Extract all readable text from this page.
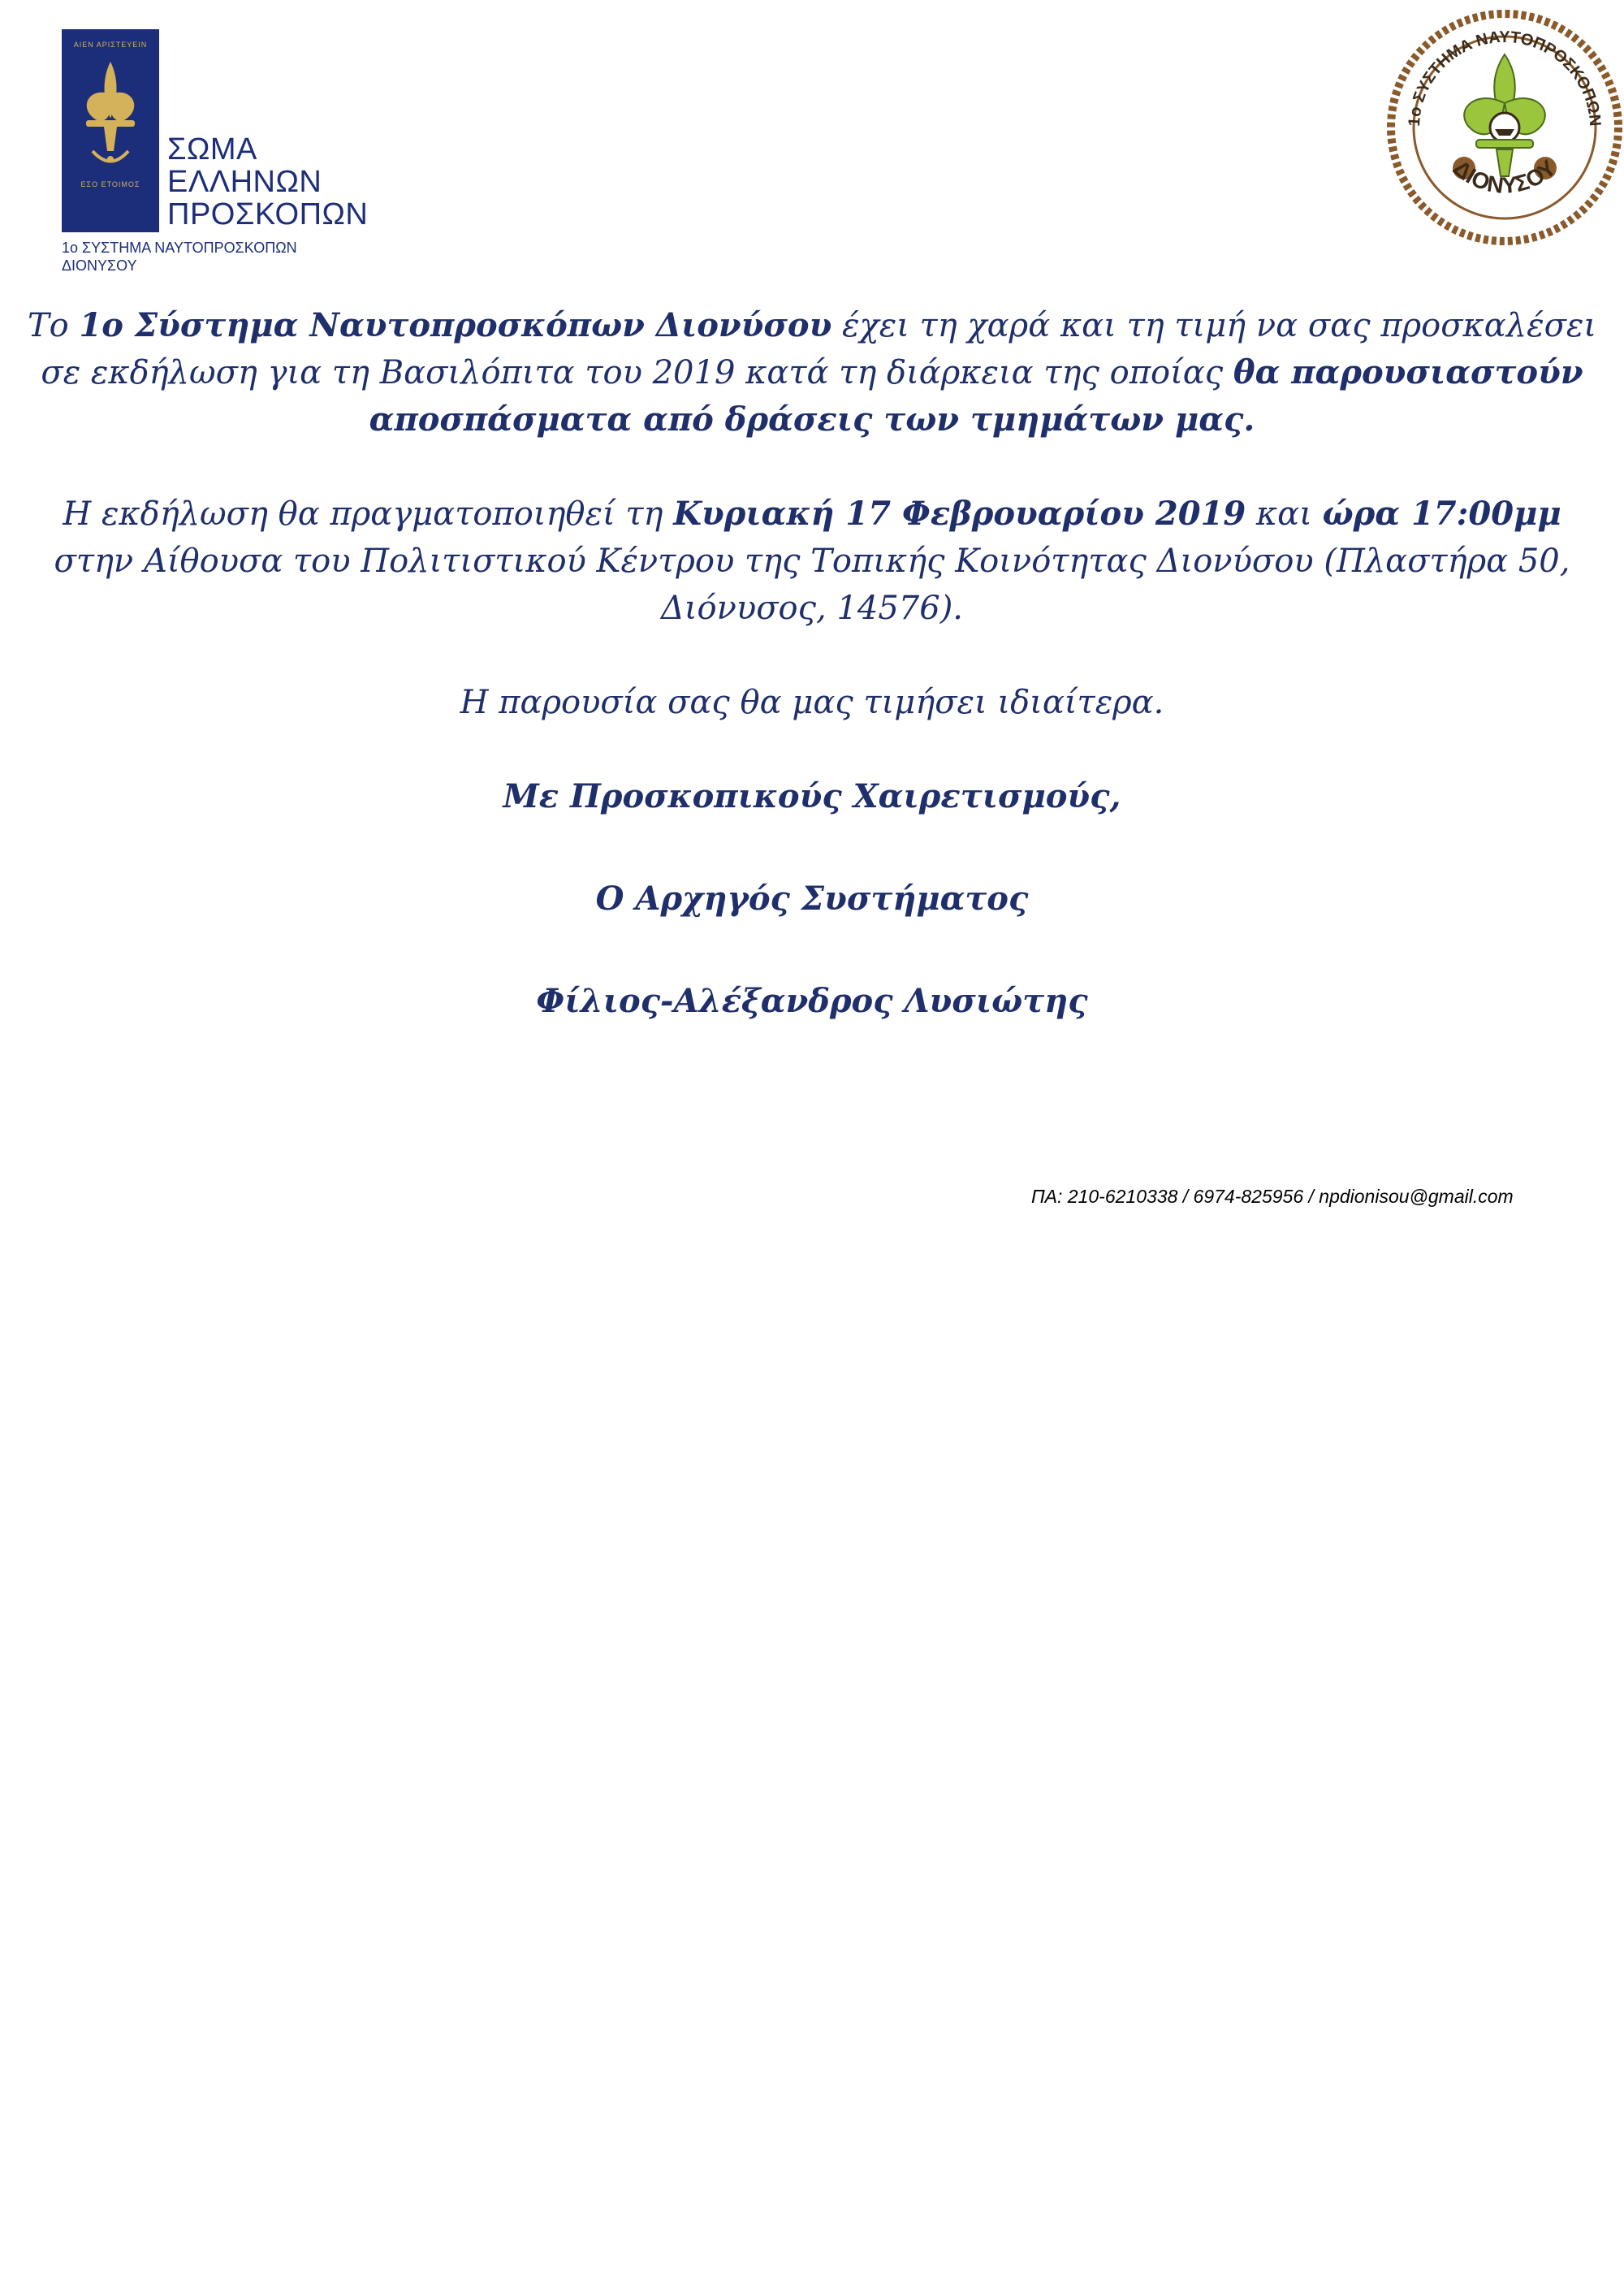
ΑΙΕΝ ΑΡΙΣΤΕΥΕΙΝ
ΕΣΟ ΕΤΟΙΜΟΣ
ΣΩΜΑ
ΕΛΛΗΝΩΝ
ΠΡΟΣΚΟΠΩΝ
1ο ΣΥΣΤΗΜΑ ΝΑΥΤΟΠΡΟΣΚΟΠΩΝ
ΔΙΟΝΥΣΟΥ
1ο ΣΥΣΤΗΜΑ ΝΑΥΤΟΠΡΟΣΚΟΠΩΝ
ΔΙΟΝΥΣΟΥ

Το 1ο Σύστημα Ναυτοπροσκόπων Διονύσου έχει τη χαρά και τη τιμή να σας προσκαλέσει σε εκδήλωση για τη Βασιλόπιτα του 2019 κατά τη διάρκεια της οποίας θα παρουσιαστούν αποσπάσματα από δράσεις των τμημάτων μας.

Η εκδήλωση θα πραγματοποιηθεί τη Κυριακή 17 Φεβρουαρίου 2019 και ώρα 17:00μμ στην Αίθουσα του Πολιτιστικού Κέντρου της Τοπικής Κοινότητας Διονύσου (Πλαστήρα 50, Διόνυσος, 14576).

Η παρουσία σας θα μας τιμήσει ιδιαίτερα.

Με Προσκοπικούς Χαιρετισμούς,

Ο Αρχηγός Συστήματος

Φίλιος-Αλέξανδρος Λυσιώτης

ΠΑ: 210-6210338 / 6974-825956 / npdionisou@gmail.com
